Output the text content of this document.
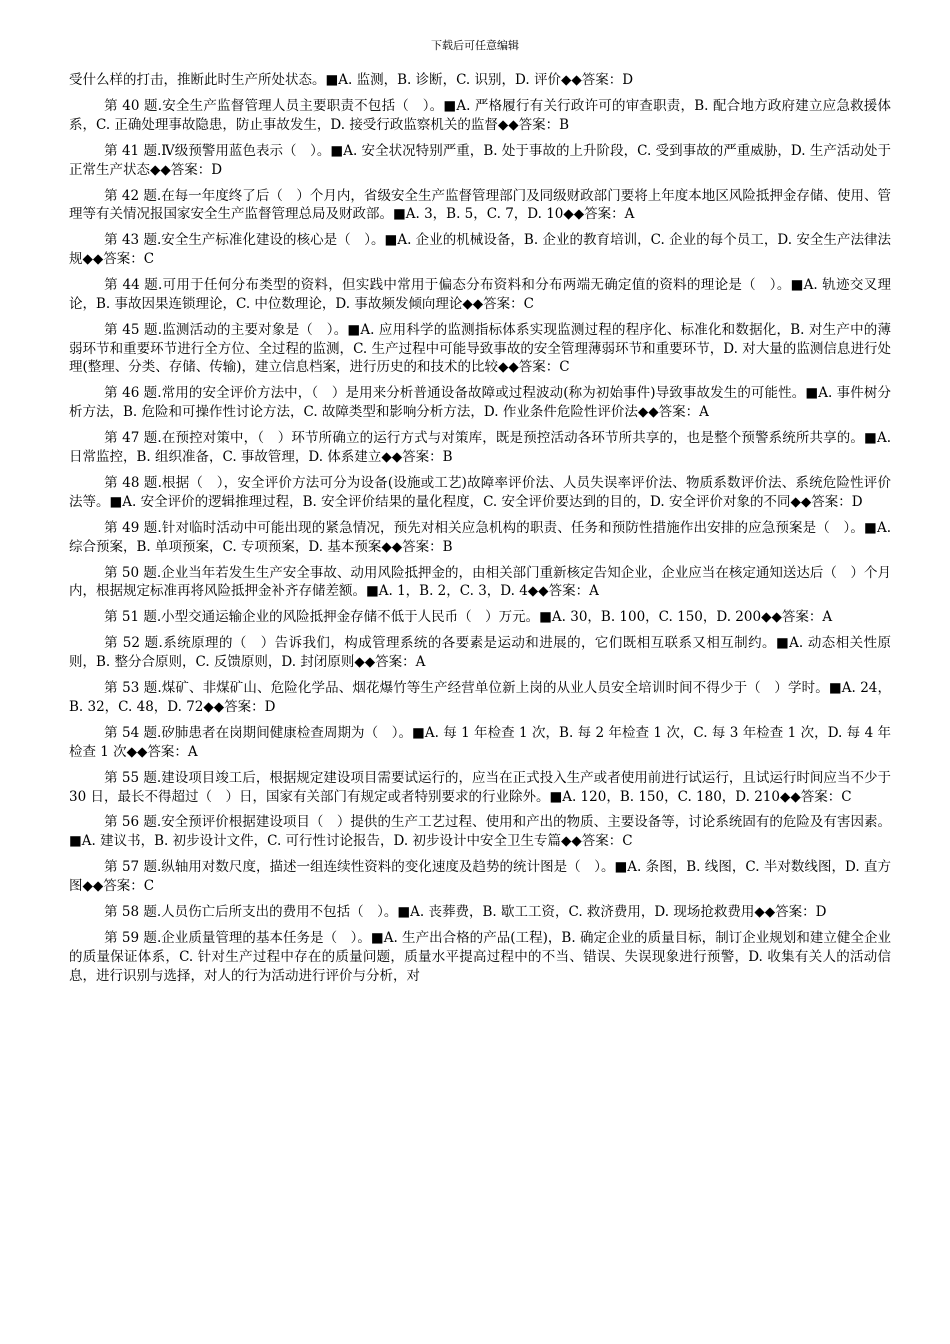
下载后可任意编辑

受什么样的打击，推断此时生产所处状态。■A. 监测，B. 诊断，C. 识别，D. 评价◆◆答案：D

第 40 题.安全生产监督管理人员主要职责不包括（　）。■A. 严格履行有关行政许可的审查职责，B. 配合地方政府建立应急救援体系，C. 正确处理事故隐患，防止事故发生，D. 接受行政监察机关的监督◆◆答案：B

第 41 题.Ⅳ级预警用蓝色表示（　）。■A. 安全状况特别严重，B. 处于事故的上升阶段，C. 受到事故的严重威胁，D. 生产活动处于正常生产状态◆◆答案：D

第 42 题.在每一年度终了后（　）个月内，省级安全生产监督管理部门及同级财政部门要将上年度本地区风险抵押金存储、使用、管理等有关情况报国家安全生产监督管理总局及财政部。■A. 3，B. 5，C. 7，D. 10◆◆答案：A

第 43 题.安全生产标准化建设的核心是（　）。■A. 企业的机械设备，B. 企业的教育培训，C. 企业的每个员工，D. 安全生产法律法规◆◆答案：C

第 44 题.可用于任何分布类型的资料，但实践中常用于偏态分布资料和分布两端无确定值的资料的理论是（　）。■A. 轨迹交叉理论，B. 事故因果连锁理论，C. 中位数理论，D. 事故频发倾向理论◆◆答案：C

第 45 题.监测活动的主要对象是（　）。■A. 应用科学的监测指标体系实现监测过程的程序化、标准化和数据化，B. 对生产中的薄弱环节和重要环节进行全方位、全过程的监测，C. 生产过程中可能导致事故的安全管理薄弱环节和重要环节，D. 对大量的监测信息进行处理(整理、分类、存储、传输)，建立信息档案，进行历史的和技术的比较◆◆答案：C

第 46 题.常用的安全评价方法中，（　）是用来分析普通设备故障或过程波动(称为初始事件)导致事故发生的可能性。■A. 事件树分析方法，B. 危险和可操作性讨论方法，C. 故障类型和影响分析方法，D. 作业条件危险性评价法◆◆答案：A

第 47 题.在预控对策中，（　）环节所确立的运行方式与对策库，既是预控活动各环节所共享的，也是整个预警系统所共享的。■A. 日常监控，B. 组织准备，C. 事故管理，D. 体系建立◆◆答案：B

第 48 题.根据（　），安全评价方法可分为设备(设施或工艺)故障率评价法、人员失误率评价法、物质系数评价法、系统危险性评价法等。■A. 安全评价的逻辑推理过程，B. 安全评价结果的量化程度，C. 安全评价要达到的目的，D. 安全评价对象的不同◆◆答案：D

第 49 题.针对临时活动中可能出现的紧急情况，预先对相关应急机构的职责、任务和预防性措施作出安排的应急预案是（　）。■A. 综合预案，B. 单项预案，C. 专项预案，D. 基本预案◆◆答案：B

第 50 题.企业当年若发生生产安全事故、动用风险抵押金的，由相关部门重新核定告知企业，企业应当在核定通知送达后（　）个月内，根据规定标准再将风险抵押金补齐存储差额。■A. 1，B. 2，C. 3，D. 4◆◆答案：A

第 51 题.小型交通运输企业的风险抵押金存储不低于人民币（　）万元。■A. 30，B. 100，C. 150，D. 200◆◆答案：A

第 52 题.系统原理的（　）告诉我们，构成管理系统的各要素是运动和进展的，它们既相互联系又相互制约。■A. 动态相关性原则，B. 整分合原则，C. 反馈原则，D. 封闭原则◆◆答案：A

第 53 题.煤矿、非煤矿山、危险化学品、烟花爆竹等生产经营单位新上岗的从业人员安全培训时间不得少于（　）学时。■A. 24，B. 32，C. 48，D. 72◆◆答案：D

第 54 题.矽肺患者在岗期间健康检查周期为（　）。■A. 每 1 年检查 1 次，B. 每 2 年检查 1 次，C. 每 3 年检查 1 次，D. 每 4 年检查 1 次◆◆答案：A

第 55 题.建设项目竣工后，根据规定建设项目需要试运行的，应当在正式投入生产或者使用前进行试运行，且试运行时间应当不少于 30 日，最长不得超过（　）日，国家有关部门有规定或者特别要求的行业除外。■A. 120，B. 150，C. 180，D. 210◆◆答案：C

第 56 题.安全预评价根据建设项目（　）提供的生产工艺过程、使用和产出的物质、主要设备等，讨论系统固有的危险及有害因素。■A. 建议书，B. 初步设计文件，C. 可行性讨论报告，D. 初步设计中安全卫生专篇◆◆答案：C

第 57 题.纵轴用对数尺度，描述一组连续性资料的变化速度及趋势的统计图是（　）。■A. 条图，B. 线图，C. 半对数线图，D. 直方图◆◆答案：C

第 58 题.人员伤亡后所支出的费用不包括（　）。■A. 丧葬费，B. 歇工工资，C. 救济费用，D. 现场抢救费用◆◆答案：D

第 59 题.企业质量管理的基本任务是（　）。■A. 生产出合格的产品(工程)，B. 确定企业的质量目标，制订企业规划和建立健全企业的质量保证体系，C. 针对生产过程中存在的质量问题，质量水平提高过程中的不当、错误、失误现象进行预警，D. 收集有关人的活动信息，进行识别与选择，对人的行为活动进行评价与分析，对
